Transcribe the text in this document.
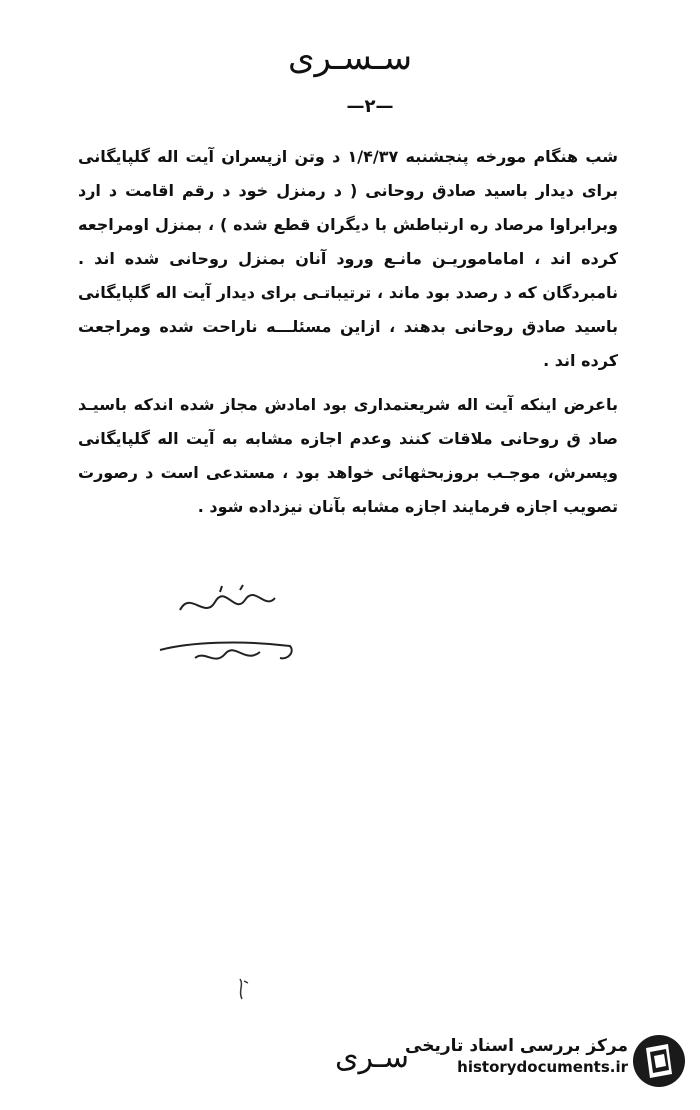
سـسـری
—۲—

شب هنگام مورخه پنجشنبه ۱/۴/۳۷ د وتن ازپسران آیت اله گلپایگانی برای دیدار باسید صادق روحانی ( د رمنزل خود د رقم اقامت د ارد وبرابراوا مرصاد ره ارتباطش با دیگران قطع شده ) ، بمنزل اومراجعه کرده اند ، اماماموریـن مانـع ورود آنان بمنزل روحانی شده اند . نامبردگان که د رصدد بود ماند ، ترتیباتـی برای دیدار آیت اله گلپایگانی باسید صادق روحانی بدهند ، ازاین مسئلـــه ناراحت شده ومراجعت کرده اند .

باعرض اینکه آیت اله شریعتمداری بود امادش مجاز شده اندکه باسیـد صاد ق روحانی ملاقات کنند وعدم اجازه مشابه به آیت اله گلپایگانی وپسرش، موجـب بروزبحثهائی خواهد بود ، مستدعی است د رصورت تصویب اجازه فرمایند اجازه مشابه بآنان نیزداده شود .

سـری
مرکز بررسی اسناد تاریخی
historydocuments.ir
